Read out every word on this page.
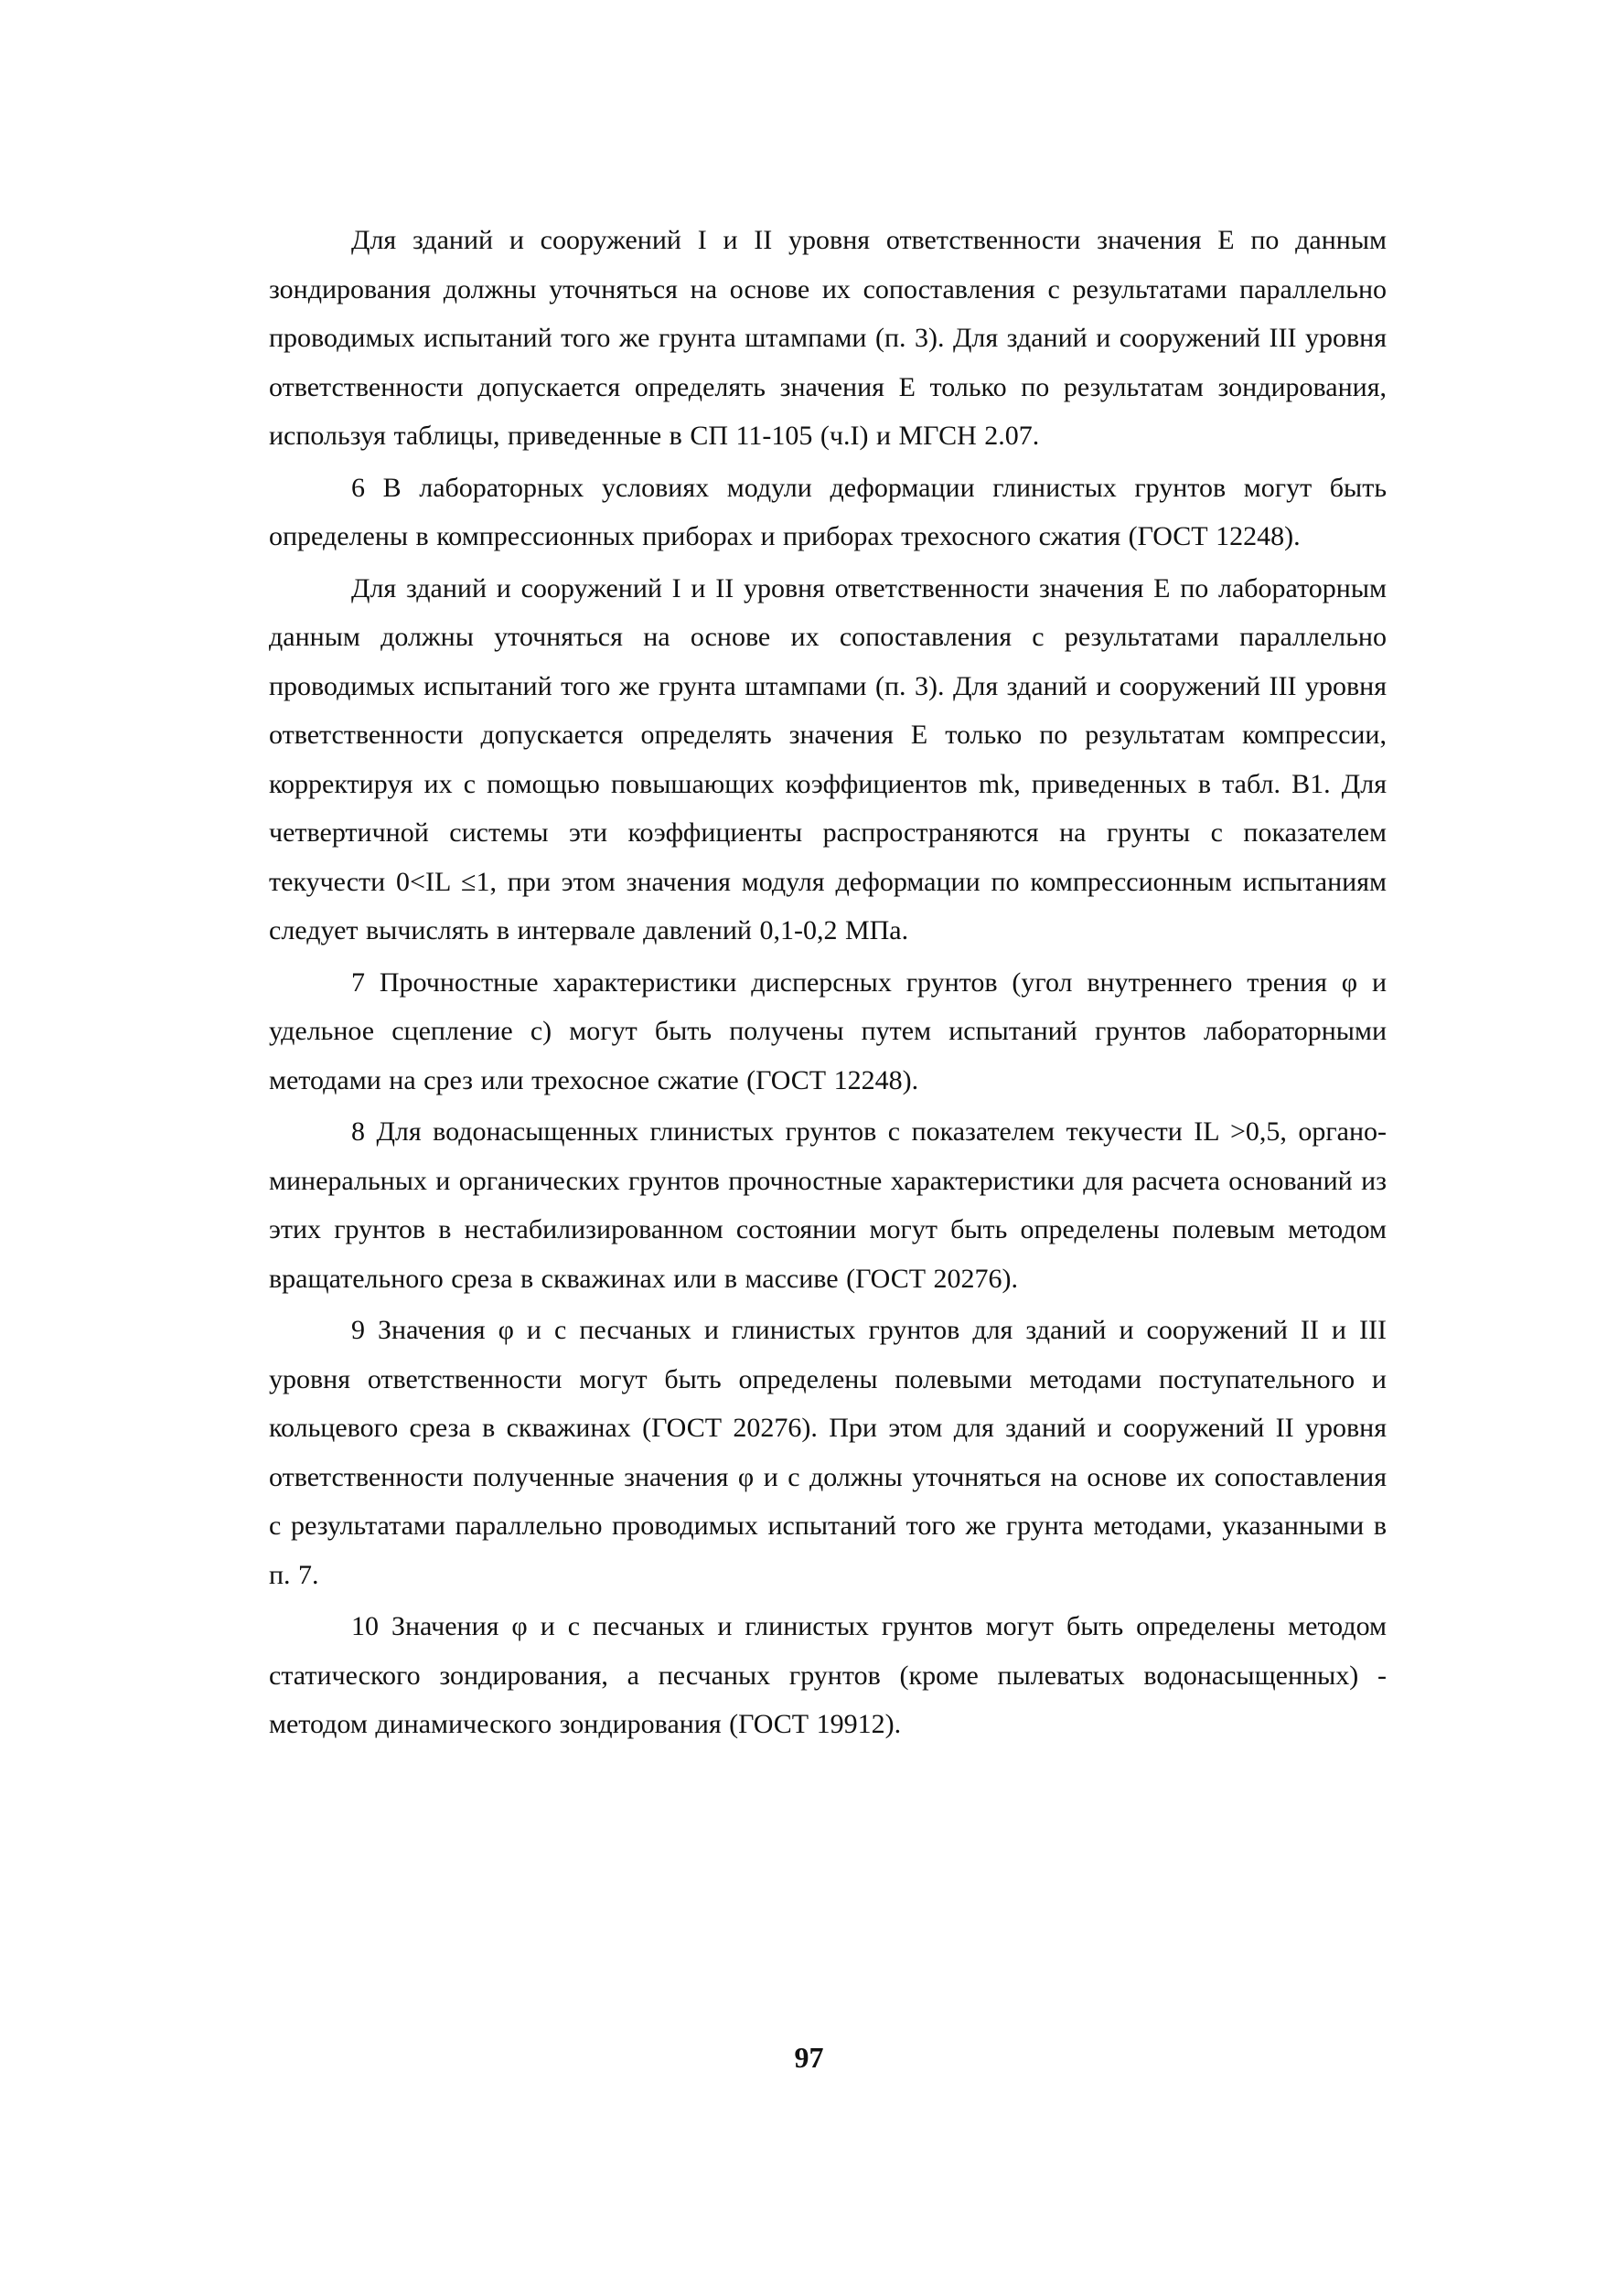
Для зданий и сооружений I и II уровня ответственности значения E по данным зондирования должны уточняться на основе их сопоставления с результатами параллельно проводимых испытаний того же грунта штампами (п. 3). Для зданий и сооружений III уровня ответственности допускается определять значения E только по результатам зондирования, используя таблицы, приведенные в СП 11-105 (ч.I) и МГСН 2.07.

6 В лабораторных условиях модули деформации глинистых грунтов могут быть определены в компрессионных приборах и приборах трехосного сжатия (ГОСТ 12248).

Для зданий и сооружений I и II уровня ответственности значения E по лабораторным данным должны уточняться на основе их сопоставления с результатами параллельно проводимых испытаний того же грунта штампами (п. 3). Для зданий и сооружений III уровня ответственности допускается определять значения E только по результатам компрессии, корректируя их с помощью повышающих коэффициентов mk, приведенных в табл. В1. Для четвертичной системы эти коэффициенты распространяются на грунты с показателем текучести 0<IL ≤1, при этом значения модуля деформации по компрессионным испытаниям следует вычислять в интервале давлений 0,1-0,2 МПа.

7 Прочностные характеристики дисперсных грунтов (угол внутреннего трения φ и удельное сцепление c) могут быть получены путем испытаний грунтов лабораторными методами на срез или трехосное сжатие (ГОСТ 12248).

8 Для водонасыщенных глинистых грунтов с показателем текучести IL >0,5, органо-минеральных и органических грунтов прочностные характеристики для расчета оснований из этих грунтов в нестабилизированном состоянии могут быть определены полевым методом вращательного среза в скважинах или в массиве (ГОСТ 20276).

9 Значения φ и c песчаных и глинистых грунтов для зданий и сооружений II и III уровня ответственности могут быть определены полевыми методами поступательного и кольцевого среза в скважинах (ГОСТ 20276). При этом для зданий и сооружений II уровня ответственности полученные значения φ и c должны уточняться на основе их сопоставления с результатами параллельно проводимых испытаний того же грунта методами, указанными в п. 7.

10 Значения φ и c песчаных и глинистых грунтов могут быть определены методом статического зондирования, а песчаных грунтов (кроме пылеватых водонасыщенных) - методом динамического зондирования (ГОСТ 19912).

97
